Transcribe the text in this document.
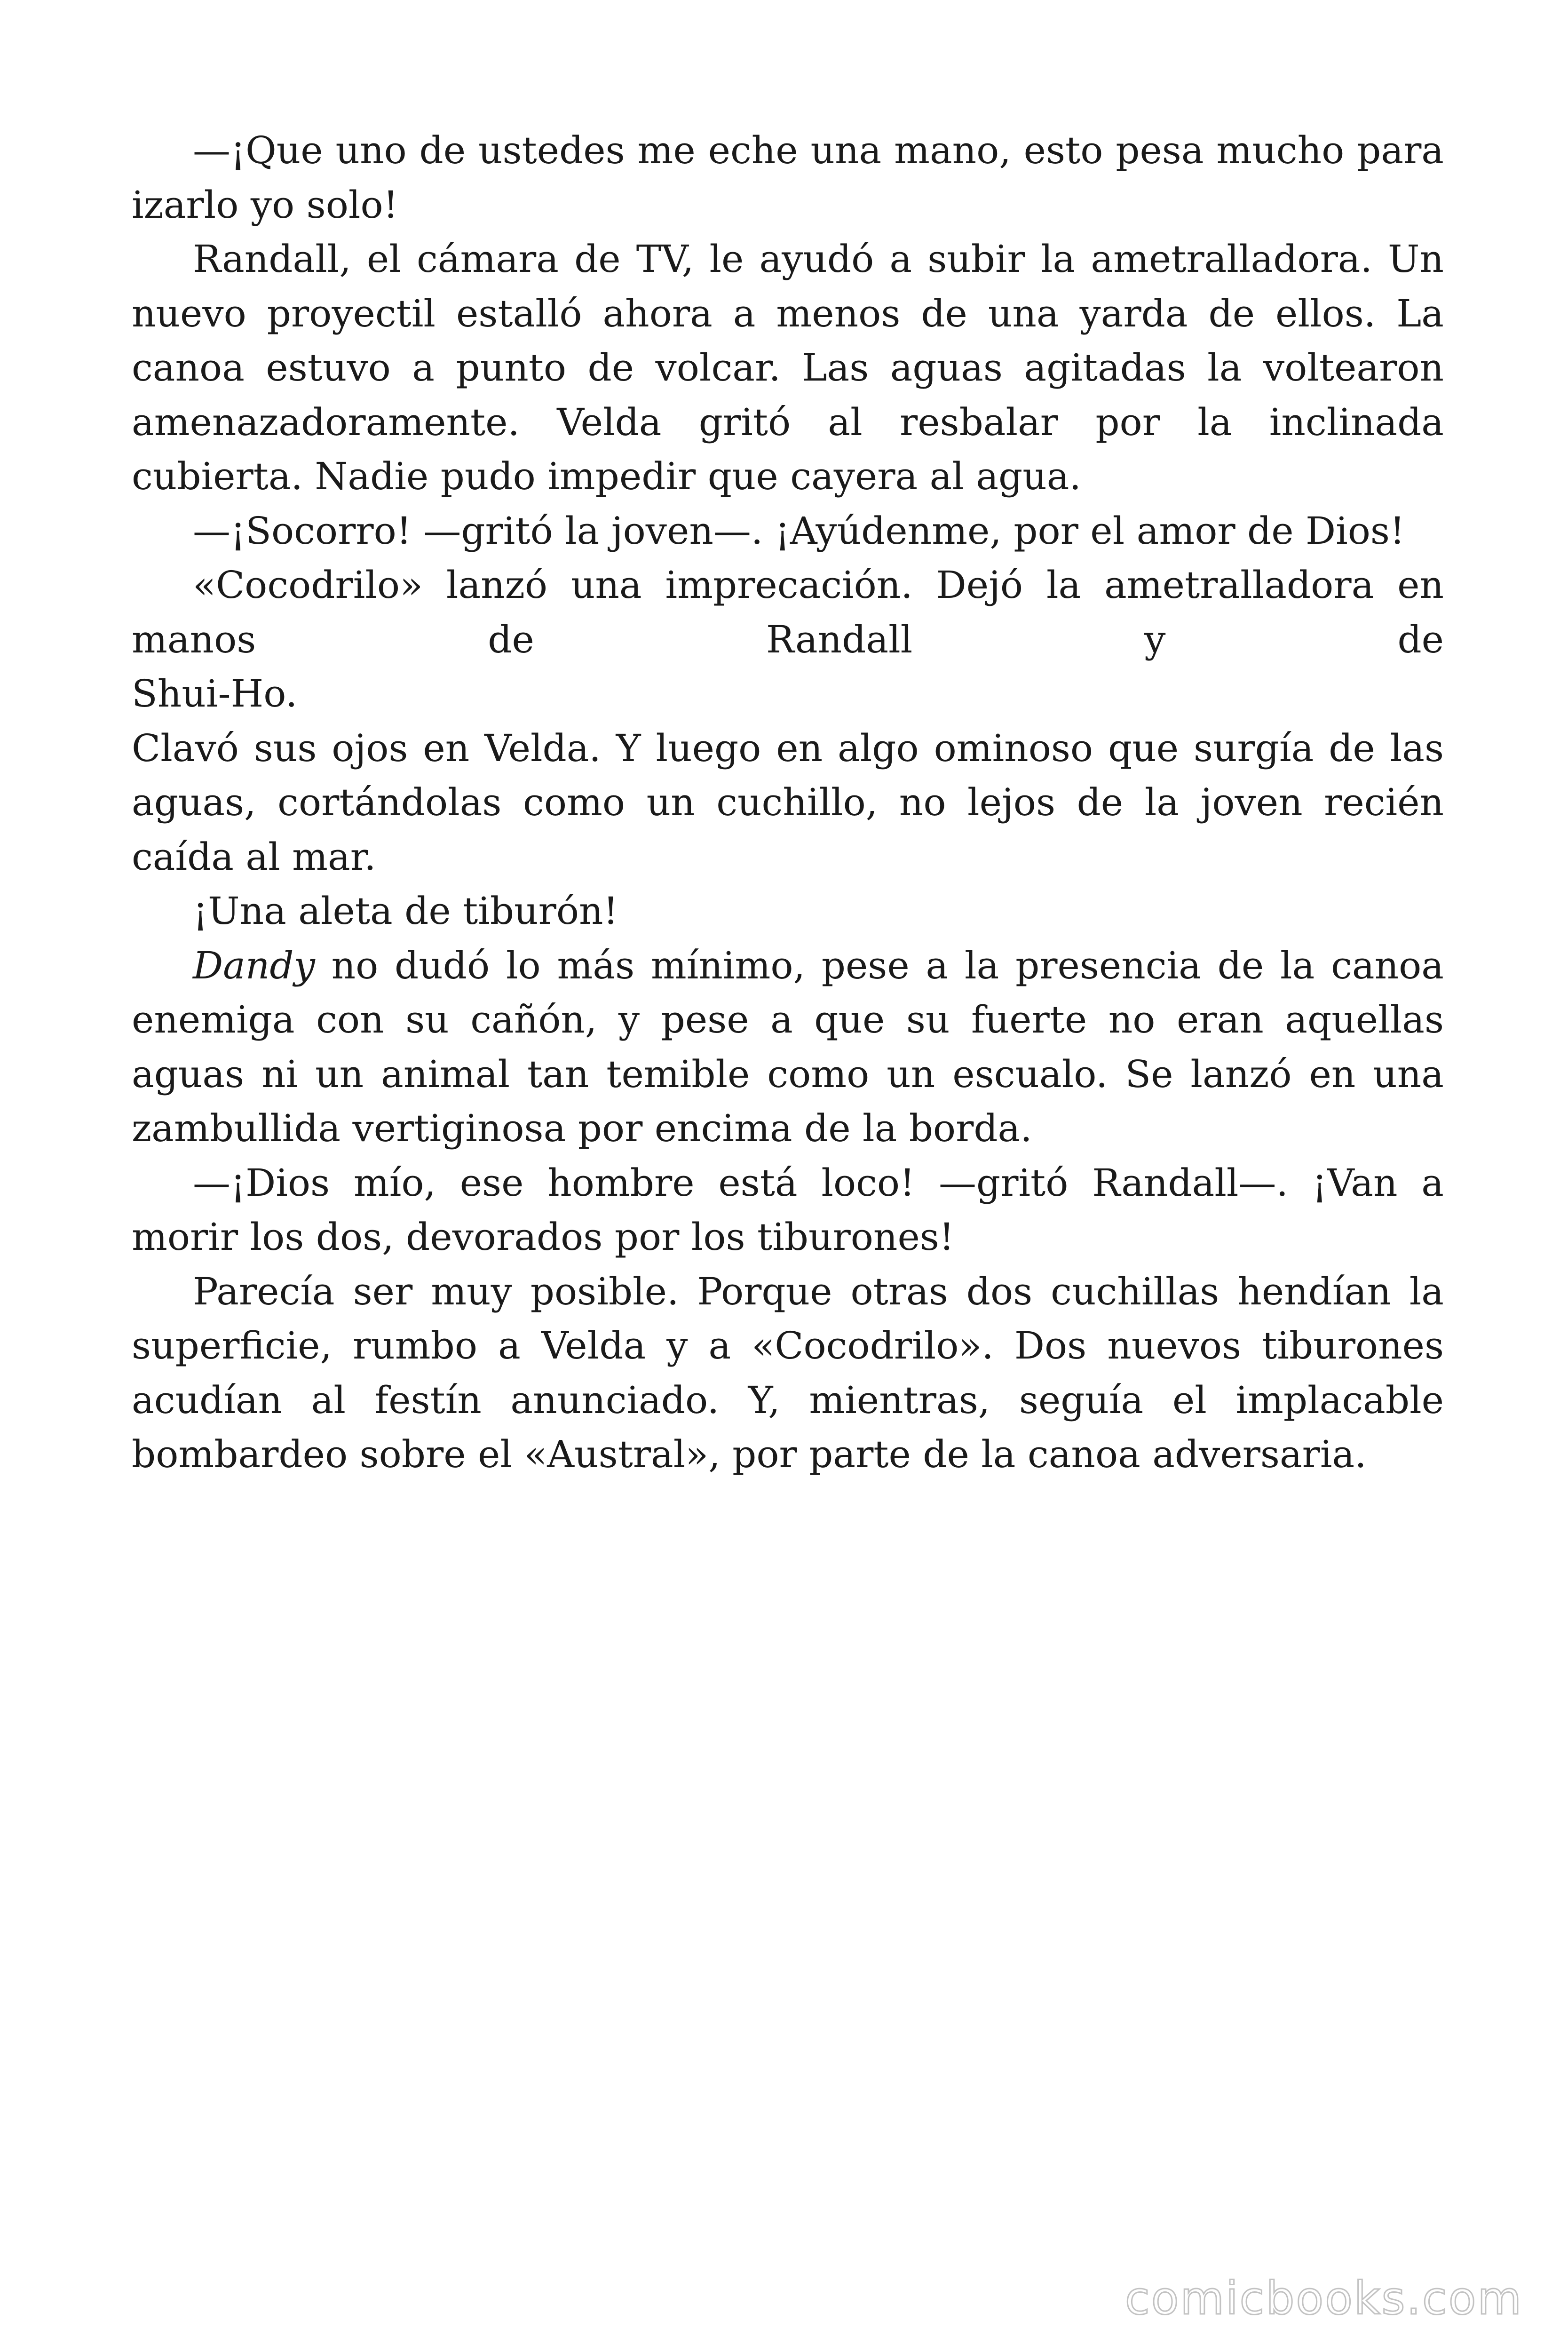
—¡Que uno de ustedes me eche una mano, esto pesa mucho para izarlo yo solo!

Randall, el cámara de TV, le ayudó a subir la ametralladora. Un nuevo proyectil estalló ahora a menos de una yarda de ellos. La canoa estuvo a punto de volcar. Las aguas agitadas la voltearon amenazadoramente. Velda gritó al resbalar por la inclinada cubierta. Nadie pudo impedir que cayera al agua.

—¡Socorro! —gritó la joven—. ¡Ayúdenme, por el amor de Dios!

«Cocodrilo» lanzó una imprecación. Dejó la ametralladora en manos de Randall y de

Shui-Ho.

Clavó sus ojos en Velda. Y luego en algo ominoso que surgía de las aguas, cortándolas como un cuchillo, no lejos de la joven recién caída al mar.

¡Una aleta de tiburón!

Dandy no dudó lo más mínimo, pese a la presencia de la canoa enemiga con su cañón, y pese a que su fuerte no eran aquellas aguas ni un animal tan temible como un escualo. Se lanzó en una zambullida vertiginosa por encima de la borda.

—¡Dios mío, ese hombre está loco! —gritó Randall—. ¡Van a morir los dos, devorados por los tiburones!

Parecía ser muy posible. Porque otras dos cuchillas hendían la superficie, rumbo a Velda y a «Cocodrilo». Dos nuevos tiburones acudían al festín anunciado. Y, mientras, seguía el implacable bombardeo sobre el «Austral», por parte de la canoa adversaria.

comicbooks.com
